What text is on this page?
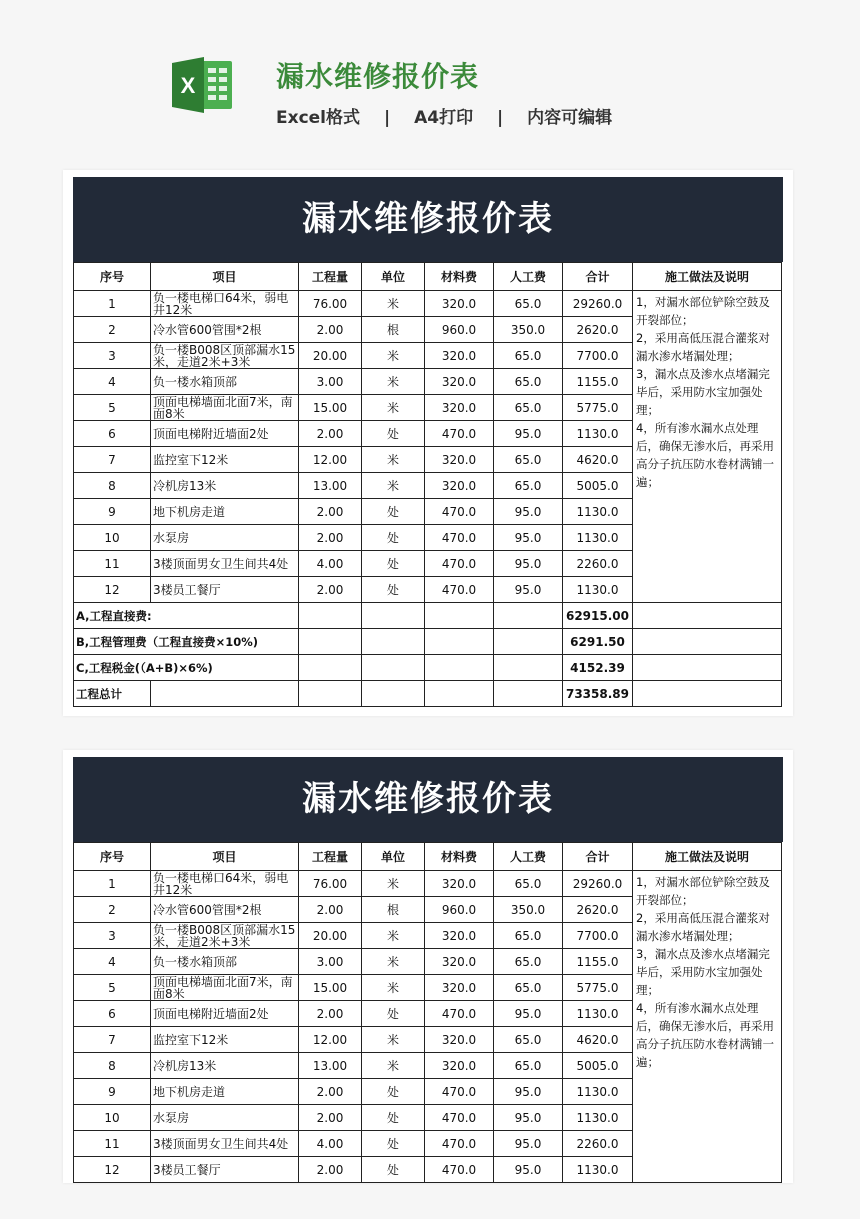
X	漏水维修报价表
Excel格式 | A4打印 | 内容可编辑
漏水维修报价表
序号	项目	工程量	单位	材料费	人工费	合计	施工做法及说明
1	负一楼电梯口64米，弱电井12米	76.00	米	320.0	65.0	29260.0	1，对漏水部位铲除空鼓及开裂部位；
2，采用高低压混合灌浆对漏水渗水堵漏处理；
3，漏水点及渗水点堵漏完毕后，采用防水宝加强处理；
4，所有渗水漏水点处理后，确保无渗水后，再采用高分子抗压防水卷材满铺一遍；

2	冷水管600管围*2根	2.00	根	960.0	350.0	2620.0	
3	负一楼B008区顶部漏水15米，走道2米+3米	20.00	米	320.0	65.0	7700.0	
4	负一楼水箱顶部	3.00	米	320.0	65.0	1155.0	
5	顶面电梯墙面北面7米，南面8米	15.00	米	320.0	65.0	5775.0	
6	顶面电梯附近墙面2处	2.00	处	470.0	95.0	1130.0	
7	监控室下12米	12.00	米	320.0	65.0	4620.0	
8	冷机房13米	13.00	米	320.0	65.0	5005.0	
9	地下机房走道	2.00	处	470.0	95.0	1130.0	
10	水泵房	2.00	处	470.0	95.0	1130.0	
11	3楼顶面男女卫生间共4处	4.00	处	470.0	95.0	2260.0	
12	3楼员工餐厅	2.00	处	470.0	95.0	1130.0	
A,工程直接费:						62915.00	
B,工程管理费（工程直接费×10%)						6291.50	
C,工程税金(（A+B)×6%)						4152.39	
工程总计						73358.89	
漏水维修报价表
序号	项目	工程量	单位	材料费	人工费	合计	施工做法及说明
1	负一楼电梯口64米，弱电井12米	76.00	米	320.0	65.0	29260.0	1，对漏水部位铲除空鼓及开裂部位；
2，采用高低压混合灌浆对漏水渗水堵漏处理；
3，漏水点及渗水点堵漏完毕后，采用防水宝加强处理；
4，所有渗水漏水点处理后，确保无渗水后，再采用高分子抗压防水卷材满铺一遍；

2	冷水管600管围*2根	2.00	根	960.0	350.0	2620.0	
3	负一楼B008区顶部漏水15米，走道2米+3米	20.00	米	320.0	65.0	7700.0	
4	负一楼水箱顶部	3.00	米	320.0	65.0	1155.0	
5	顶面电梯墙面北面7米，南面8米	15.00	米	320.0	65.0	5775.0	
6	顶面电梯附近墙面2处	2.00	处	470.0	95.0	1130.0	
7	监控室下12米	12.00	米	320.0	65.0	4620.0	
8	冷机房13米	13.00	米	320.0	65.0	5005.0	
9	地下机房走道	2.00	处	470.0	95.0	1130.0	
10	水泵房	2.00	处	470.0	95.0	1130.0	
11	3楼顶面男女卫生间共4处	4.00	处	470.0	95.0	2260.0	
12	3楼员工餐厅	2.00	处	470.0	95.0	1130.0	
